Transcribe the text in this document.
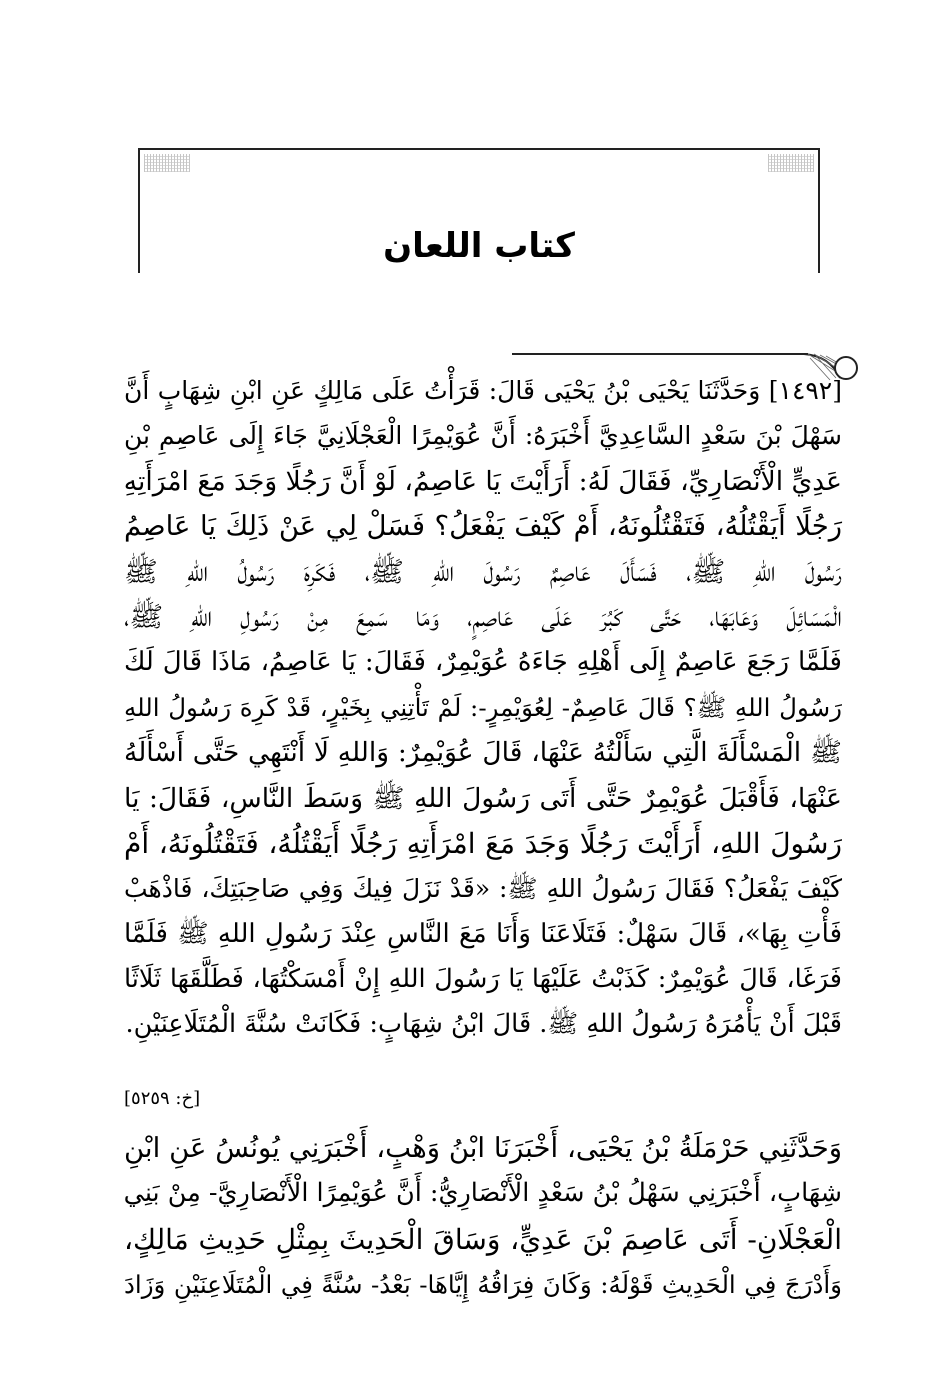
كتاب اللعان
[١٤٩٢] وَحَدَّثَنَا يَحْيَى بْنُ يَحْيَى قَالَ: قَرَأْتُ عَلَى مَالِكٍ عَنِ ابْنِ شِهَابٍ أَنَّ
سَهْلَ بْنَ سَعْدٍ السَّاعِدِيَّ أَخْبَرَهُ: أَنَّ عُوَيْمِرًا الْعَجْلَانِيَّ جَاءَ إِلَى عَاصِمِ بْنِ
عَدِيٍّ الْأَنْصَارِيِّ، فَقَالَ لَهُ: أَرَأَيْتَ يَا عَاصِمُ، لَوْ أَنَّ رَجُلًا وَجَدَ مَعَ امْرَأَتِهِ
رَجُلًا أَيَقْتُلُهُ، فَتَقْتُلُونَهُ، أَمْ كَيْفَ يَفْعَلُ؟ فَسَلْ لِي عَنْ ذَلِكَ يَا عَاصِمُ
رَسُولَ اللهِ ﷺ، فَسَأَلَ عَاصِمٌ رَسُولَ اللهِ ﷺ، فَكَرِهَ رَسُولُ اللهِ ﷺ
الْمَسَائِلَ وَعَابَهَا، حَتَّى كَبُرَ عَلَى عَاصِمٍ، وَمَا سَمِعَ مِنْ رَسُولِ اللهِ ﷺ،
فَلَمَّا رَجَعَ عَاصِمٌ إِلَى أَهْلِهِ جَاءَهُ عُوَيْمِرٌ، فَقَالَ: يَا عَاصِمُ، مَاذَا قَالَ لَكَ
رَسُولُ اللهِ ﷺ؟ قَالَ عَاصِمٌ- لِعُوَيْمِرٍ-: لَمْ تَأْتِنِي بِخَيْرٍ، قَدْ كَرِهَ رَسُولُ اللهِ
ﷺ الْمَسْأَلَةَ الَّتِي سَأَلْتُهُ عَنْهَا، قَالَ عُوَيْمِرٌ: وَاللهِ لَا أَنْتَهِي حَتَّى أَسْأَلَهُ
عَنْهَا، فَأَقْبَلَ عُوَيْمِرٌ حَتَّى أَتَى رَسُولَ اللهِ ﷺ وَسَطَ النَّاسِ، فَقَالَ: يَا
رَسُولَ اللهِ، أَرَأَيْتَ رَجُلًا وَجَدَ مَعَ امْرَأَتِهِ رَجُلًا أَيَقْتُلُهُ، فَتَقْتُلُونَهُ، أَمْ
كَيْفَ يَفْعَلُ؟ فَقَالَ رَسُولُ اللهِ ﷺ: «قَدْ نَزَلَ فِيكَ وَفِي صَاحِبَتِكَ، فَاذْهَبْ
فَأْتِ بِهَا»، قَالَ سَهْلٌ: فَتَلَاعَنَا وَأَنَا مَعَ النَّاسِ عِنْدَ رَسُولِ اللهِ ﷺ فَلَمَّا
فَرَغَا، قَالَ عُوَيْمِرٌ: كَذَبْتُ عَلَيْهَا يَا رَسُولَ اللهِ إِنْ أَمْسَكْتُهَا، فَطَلَّقَهَا ثَلَاثًا
قَبْلَ أَنْ يَأْمُرَهُ رَسُولُ اللهِ ﷺ. قَالَ ابْنُ شِهَابٍ: فَكَانَتْ سُنَّةَ الْمُتَلَاعِنَيْنِ.
[خ: ٥٢٥٩]
وَحَدَّثَنِي حَرْمَلَةُ بْنُ يَحْيَى، أَخْبَرَنَا ابْنُ وَهْبٍ، أَخْبَرَنِي يُونُسُ عَنِ ابْنِ
شِهَابٍ، أَخْبَرَنِي سَهْلُ بْنُ سَعْدٍ الْأَنْصَارِيُّ: أَنَّ عُوَيْمِرًا الْأَنْصَارِيَّ- مِنْ بَنِي
الْعَجْلَانِ- أَتَى عَاصِمَ بْنَ عَدِيٍّ، وَسَاقَ الْحَدِيثَ بِمِثْلِ حَدِيثِ مَالِكٍ،
وَأَدْرَجَ فِي الْحَدِيثِ قَوْلَهُ: وَكَانَ فِرَاقُهُ إِيَّاهَا- بَعْدُ- سُنَّةً فِي الْمُتَلَاعِنَيْنِ وَزَادَ
